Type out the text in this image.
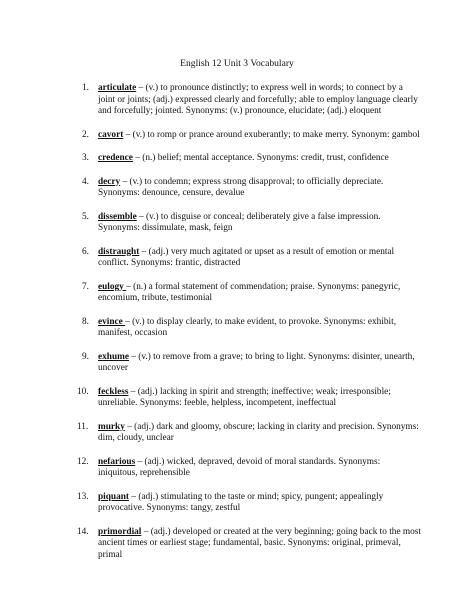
English 12 Unit 3 Vocabulary
1. articulate – (v.) to pronounce distinctly; to express well in words; to connect by a joint or joints; (adj.) expressed clearly and forcefully; able to employ language clearly and forcefully; jointed. Synonyms: (v.) pronounce, elucidate; (adj.) eloquent
2. cavort – (v.) to romp or prance around exuberantly; to make merry. Synonym: gambol
3. credence – (n.) belief; mental acceptance. Synonyms: credit, trust, confidence
4. decry – (v.) to condemn; express strong disapproval; to officially depreciate. Synonyms: denounce, censure, devalue
5. dissemble – (v.) to disguise or conceal; deliberately give a false impression. Synonyms: dissimulate, mask, feign
6. distraught – (adj.) very much agitated or upset as a result of emotion or mental conflict. Synonyms: frantic, distracted
7. eulogy – (n.) a formal statement of commendation; praise. Synonyms: panegyric, encomium, tribute, testimonial
8. evince – (v.) to display clearly, to make evident, to provoke. Synonyms: exhibit, manifest, occasion
9. exhume – (v.) to remove from a grave; to bring to light. Synonyms: disinter, unearth, uncover
10. feckless – (adj.) lacking in spirit and strength; ineffective; weak; irresponsible; unreliable. Synonyms: feeble, helpless, incompetent, ineffectual
11. murky – (adj.) dark and gloomy, obscure; lacking in clarity and precision. Synonyms: dim, cloudy, unclear
12. nefarious – (adj.) wicked, depraved, devoid of moral standards. Synonyms: iniquitous, reprehensible
13. piquant – (adj.) stimulating to the taste or mind; spicy, pungent; appealingly provocative. Synonyms: tangy, zestful
14. primordial – (adj.) developed or created at the very beginning; going back to the most ancient times or earliest stage; fundamental, basic. Synonyms: original, primeval, primal
